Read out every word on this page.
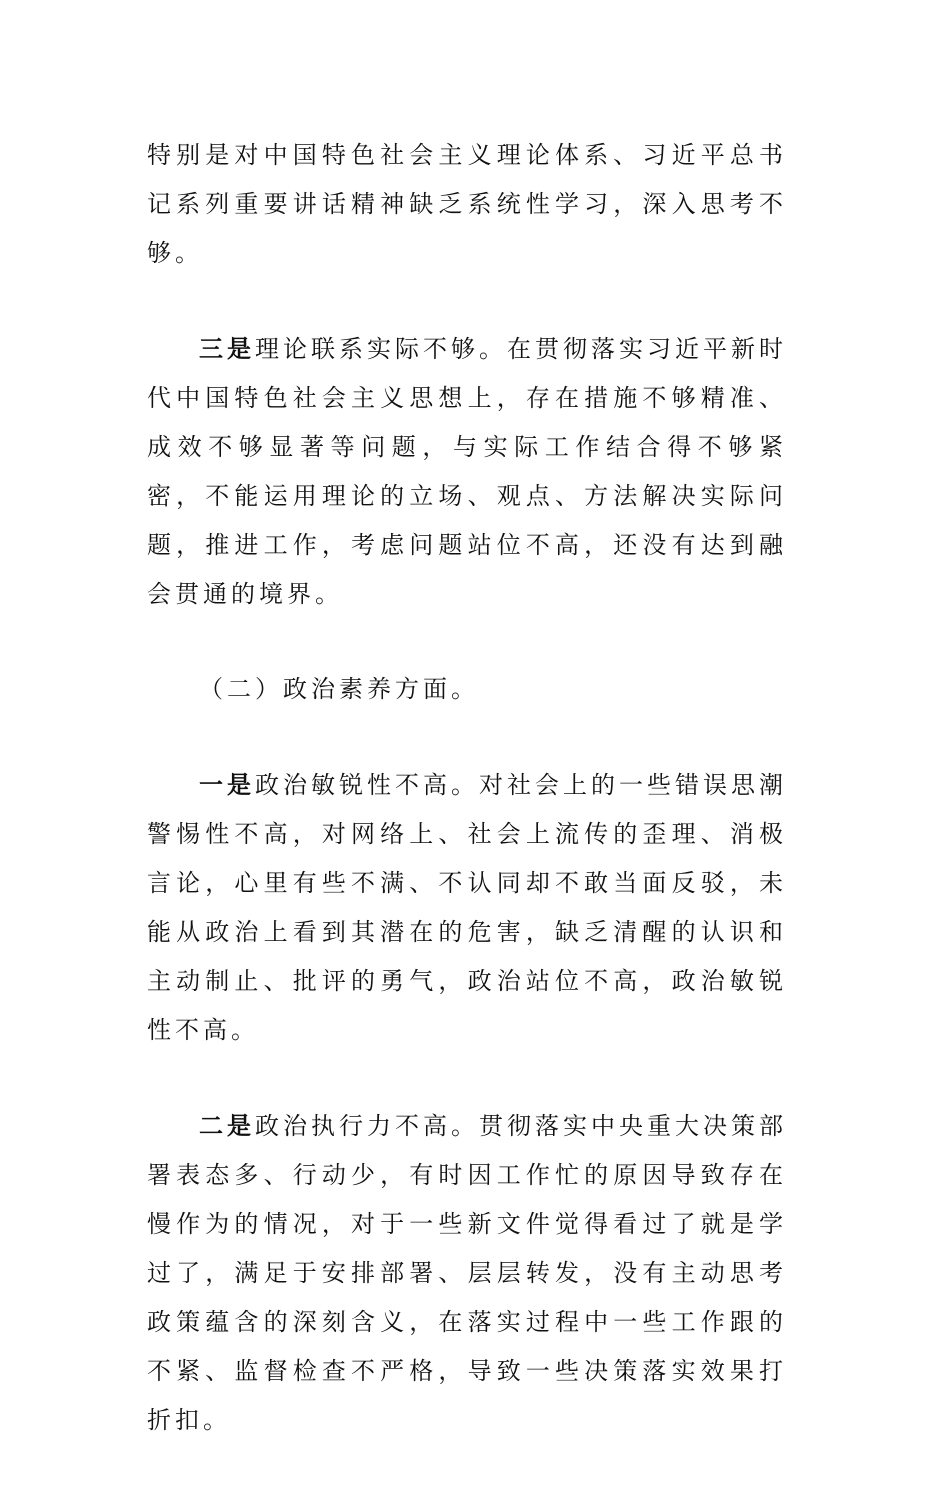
特别是对中国特色社会主义理论体系、习近平总书记系列重要讲话精神缺乏系统性学习，深入思考不够。

三是理论联系实际不够。在贯彻落实习近平新时代中国特色社会主义思想上，存在措施不够精准、成效不够显著等问题，与实际工作结合得不够紧密，不能运用理论的立场、观点、方法解决实际问题，推进工作，考虑问题站位不高，还没有达到融会贯通的境界。

（二）政治素养方面。

一是政治敏锐性不高。对社会上的一些错误思潮警惕性不高，对网络上、社会上流传的歪理、消极言论，心里有些不满、不认同却不敢当面反驳，未能从政治上看到其潜在的危害，缺乏清醒的认识和主动制止、批评的勇气，政治站位不高，政治敏锐性不高。

二是政治执行力不高。贯彻落实中央重大决策部署表态多、行动少，有时因工作忙的原因导致存在慢作为的情况，对于一些新文件觉得看过了就是学过了，满足于安排部署、层层转发，没有主动思考政策蕴含的深刻含义，在落实过程中一些工作跟的不紧、监督检查不严格，导致一些决策落实效果打折扣。
